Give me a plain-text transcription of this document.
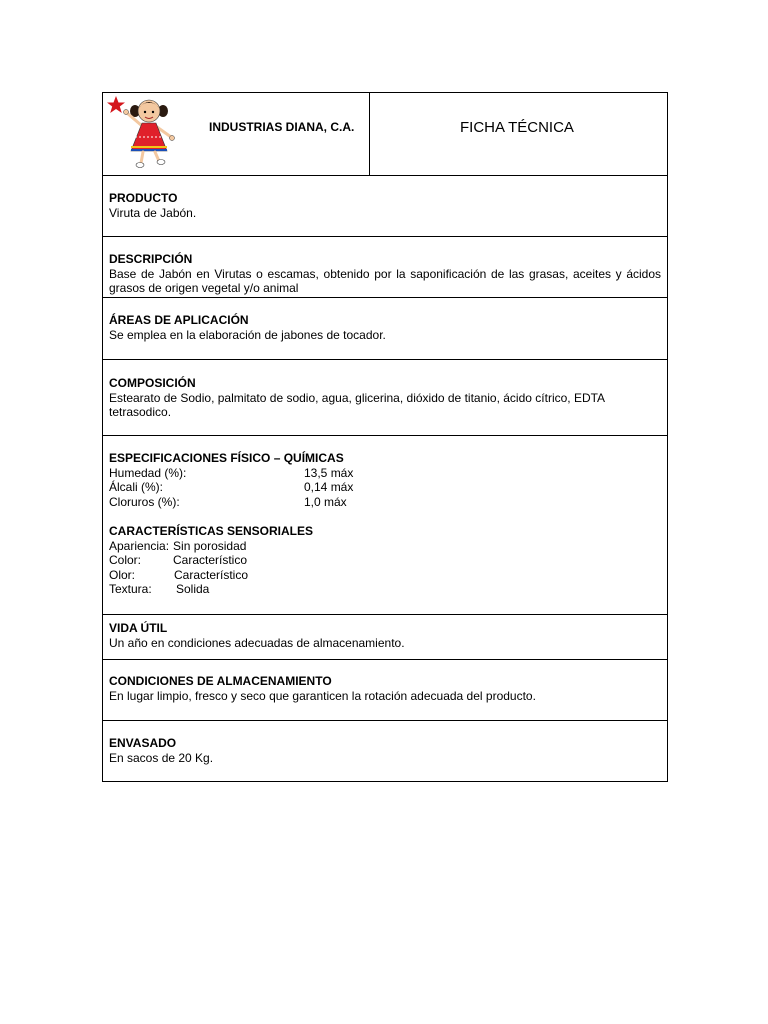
INDUSTRIAS DIANA, C.A.	FICHA TÉCNICA
PRODUCTO
Viruta de Jabón.
DESCRIPCIÓN
Base de Jabón en Virutas o escamas, obtenido por la saponificación de las grasas, aceites y ácidos grasos de origen vegetal y/o animal
ÁREAS DE APLICACIÓN
Se emplea en la elaboración de jabones de tocador.
COMPOSICIÓN
Estearato de Sodio, palmitato de sodio, agua, glicerina, dióxido de titanio, ácido cítrico, EDTA tetrasodico.
ESPECIFICACIONES FÍSICO – QUÍMICAS
Humedad (%):	13,5 máx
Álcali (%):	0,14 máx
Cloruros (%):	1,0 máx
CARACTERÍSTICAS SENSORIALES
Apariencia: Sin porosidad
Color:	Característico
Olor:	Característico
Textura:	Solida
VIDA ÚTIL
Un año en condiciones adecuadas de almacenamiento.
CONDICIONES DE ALMACENAMIENTO
En lugar limpio, fresco y seco que garanticen la rotación adecuada del producto.
ENVASADO
En sacos de 20 Kg.
